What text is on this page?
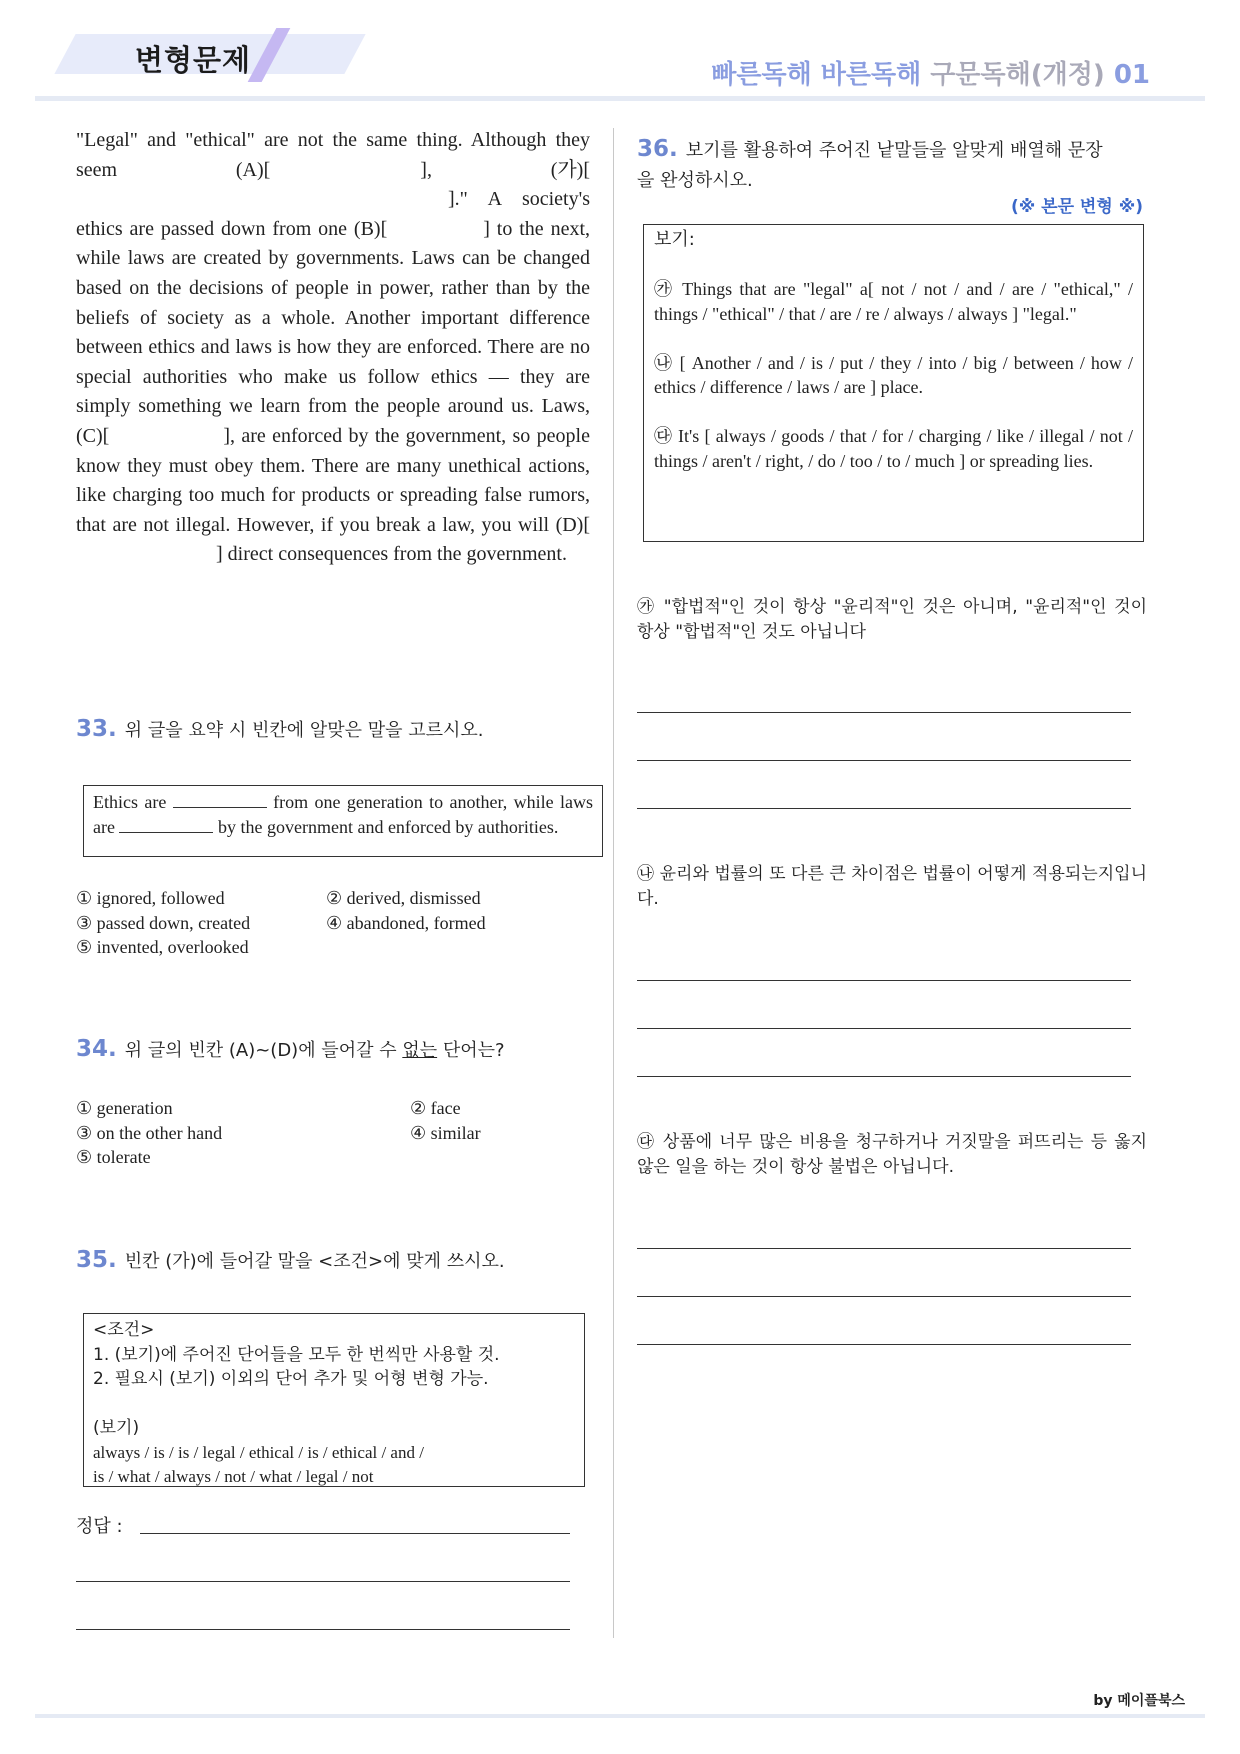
변형문제	빠른독해 바른독해 구문독해(개정) 01

"Legal" and "ethical" are not the same thing. Although they seem (A)[	], (가)[]." A society's ethics are passed down from one (B)[	] to the next, while laws are created by governments. Laws can be changed based on the decisions of people in power, rather than by the beliefs of society as a whole. Another important difference between ethics and laws is how they are enforced. There are no special authorities who make us follow ethics — they are simply something we learn from the people around us. Laws, (C)[	], are enforced by the government, so people know they must obey them. There are many unethical actions, like charging too much for products or spreading false rumors, that are not illegal. However, if you break a law, you will (D)[] direct consequences from the government.

33. 위 글을 요약 시 빈칸에 알맞은 말을 고르시오.
Ethics are	from one generation to another, while laws are	by the government and enforced by authorities.
① ignored, followed	② derived, dismissed
③ passed down, created	④ abandoned, formed
⑤ invented, overlooked
34. 위 글의 빈칸 (A)~(D)에 들어갈 수 없는 단어는?
① generation	② face
③ on the other hand	④ similar
⑤ tolerate
35. 빈칸 (가)에 들어갈 말을 <조건>에 맞게 쓰시오.
<조건>
1. (보기)에 주어진 단어들을 모두 한 번씩만 사용할 것.
2. 필요시 (보기) 이외의 단어 추가 및 어형 변형 가능.
(보기)
always / is / is / legal / ethical / is / ethical / and /
is / what / always / not / what / legal / not
정답 :
36. 보기를 활용하여 주어진 낱말들을 알맞게 배열해 문장을 완성하시오.
(※ 본문 변형 ※)
보기:
㉮ Things that are "legal" a[ not / not / and / are / "ethical," / things / "ethical" / that / are / re / always / always ] "legal."
㉯ [ Another / and / is / put / they / into / big / between / how / ethics / difference / laws / are ] place.
㉰ It's [ always / goods / that / for / charging / like / illegal / not / things / aren't / right, / do / too / to / much ] or spreading lies.
㉮ "합법적"인 것이 항상 "윤리적"인 것은 아니며, "윤리적"인 것이 항상 "합법적"인 것도 아닙니다
㉯ 윤리와 법률의 또 다른 큰 차이점은 법률이 어떻게 적용되는지입니다.
㉰ 상품에 너무 많은 비용을 청구하거나 거짓말을 퍼뜨리는 등 옳지 않은 일을 하는 것이 항상 불법은 아닙니다.
by 메이플북스
